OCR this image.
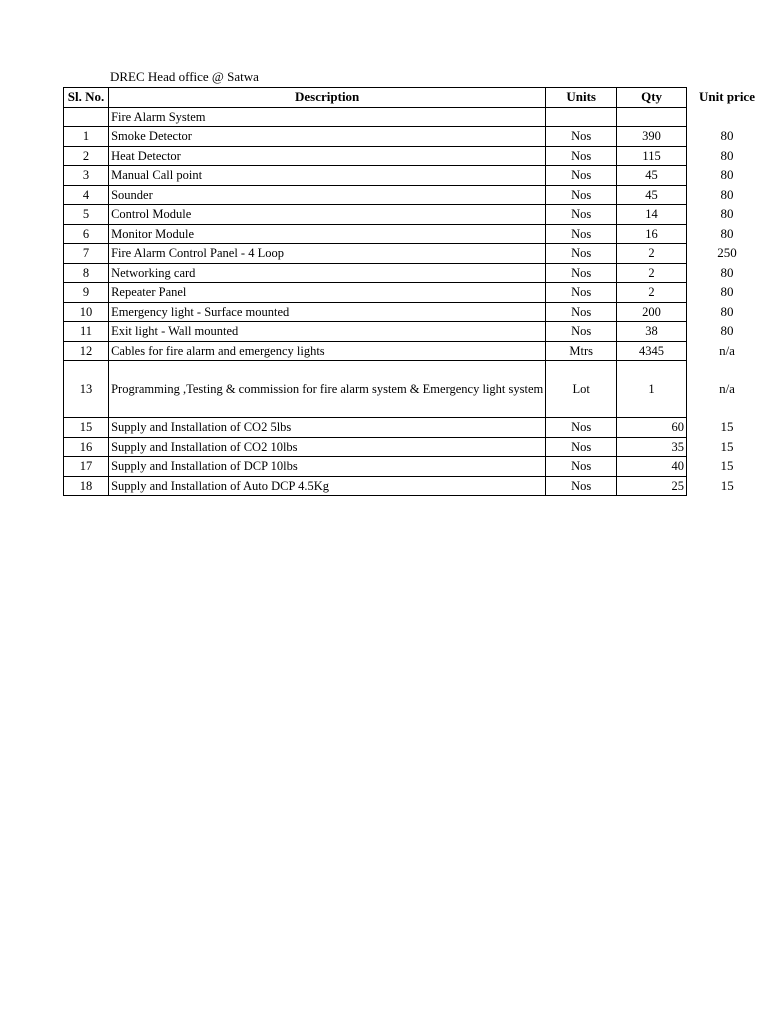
DREC Head office @ Satwa
Sl. No.	Description	Units	Qty	Unit price
	Fire Alarm System			
1	Smoke Detector	Nos	390	80
2	Heat Detector	Nos	115	80
3	Manual Call point	Nos	45	80
4	Sounder	Nos	45	80
5	Control Module	Nos	14	80
6	Monitor Module	Nos	16	80
7	Fire Alarm Control Panel - 4 Loop	Nos	2	250
8	Networking card	Nos	2	80
9	Repeater Panel	Nos	2	80
10	Emergency light - Surface mounted	Nos	200	80
11	Exit light - Wall mounted	Nos	38	80
12	Cables for fire alarm and emergency lights	Mtrs	4345	n/a
13	Programming ,Testing & commission for fire alarm system & Emergency light system	Lot	1	n/a
15	Supply and Installation of CO2 5lbs	Nos	60	15
16	Supply and Installation of CO2 10lbs	Nos	35	15
17	Supply and Installation of DCP 10lbs	Nos	40	15
18	Supply and Installation of Auto DCP 4.5Kg	Nos	25	15
